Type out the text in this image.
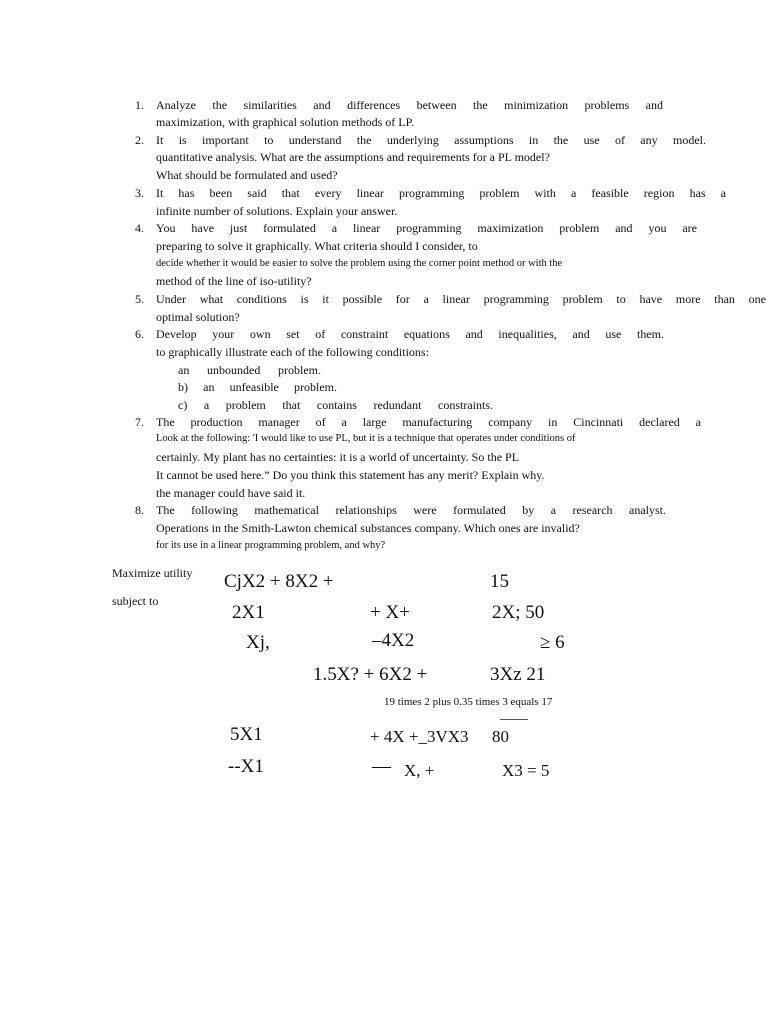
1. Analyze the similarities and differences between the minimization problems and
maximization, with graphical solution methods of LP.
2. It is important to understand the underlying assumptions in the use of any model.
quantitative analysis. What are the assumptions and requirements for a PL model?
What should be formulated and used?
3. It has been said that every linear programming problem with a feasible region has a
infinite number of solutions. Explain your answer.
4. You have just formulated a linear programming maximization problem and you are
preparing to solve it graphically. What criteria should I consider, to
decide whether it would be easier to solve the problem using the corner point method or with the
method of the line of iso-utility?
5. Under what conditions is it possible for a linear programming problem to have more than one
optimal solution?
6. Develop your own set of constraint equations and inequalities, and use them.
to graphically illustrate each of the following conditions:
an unbounded problem.
b) an unfeasible problem.
c) a problem that contains redundant constraints.
7. The production manager of a large manufacturing company in Cincinnati declared a
Look at the following: 'I would like to use PL, but it is a technique that operates under conditions of
certainly. My plant has no certainties: it is a world of uncertainty. So the PL
It cannot be used here.” Do you think this statement has any merit? Explain why.
the manager could have said it.
8. The following mathematical relationships were formulated by a research analyst.
Operations in the Smith-Lawton chemical substances company. Which ones are invalid?
for its use in a linear programming problem, and why?
Maximize utility
subject to
ϹjX2 + 8X2 +	15
2X1	+ X+	2X; 50
Xj,	–4X2	≥ 6
1.5X? + 6X2 +	3Xz 21
19 times 2 plus 0.35 times 3 equals 17
5X1	+ 4X +_3VX3 80
--X1	— X, +	X3 = 5
